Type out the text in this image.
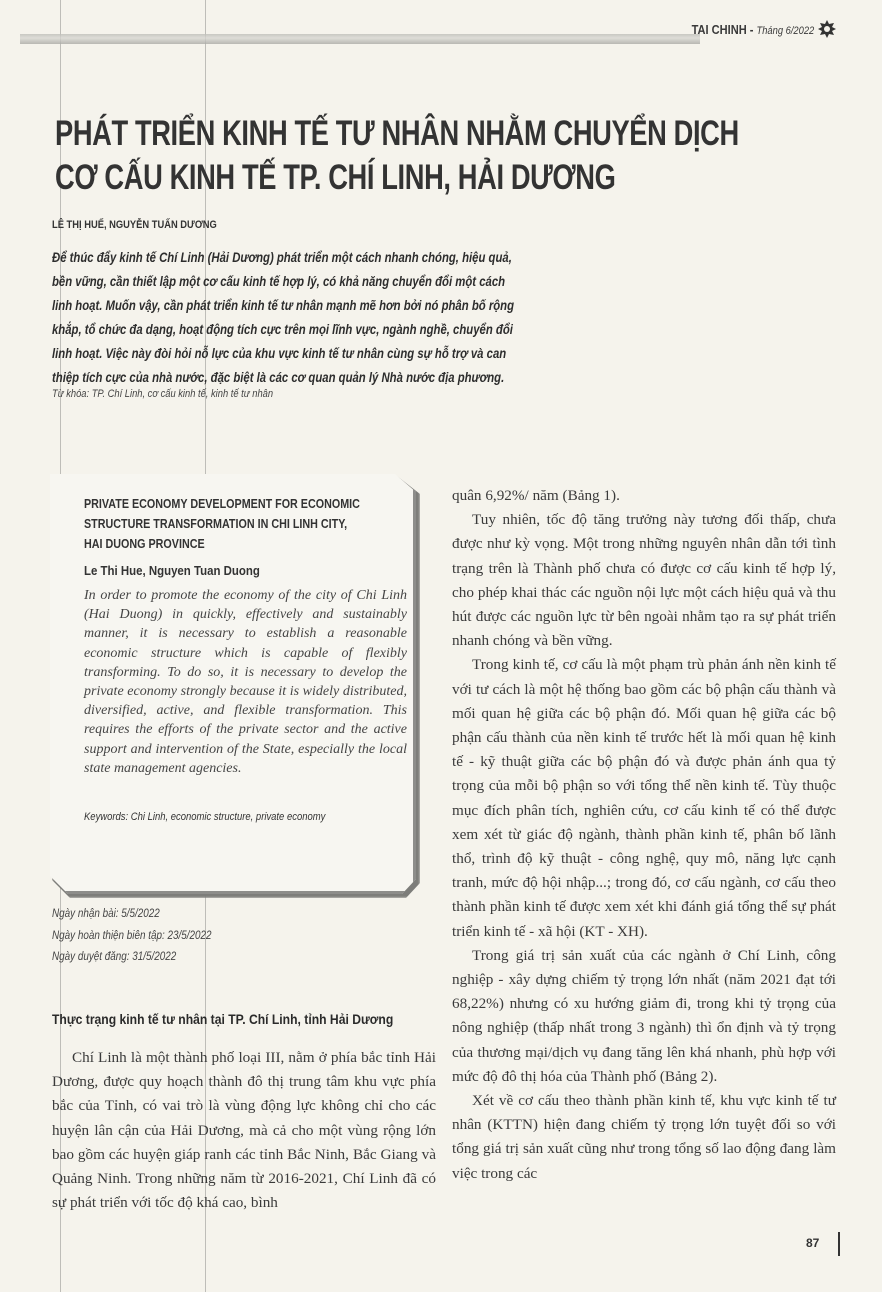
TAI CHINH - Tháng 6/2022
PHÁT TRIỂN KINH TẾ TƯ NHÂN NHẰM CHUYỂN DỊCH
CƠ CẤU KINH TẾ TP. CHÍ LINH, HẢI DƯƠNG
LÊ THỊ HUẾ, NGUYỄN TUẤN DƯƠNG
Để thúc đẩy kinh tế Chí Linh (Hải Dương) phát triển một cách nhanh chóng, hiệu quả, bền vững, cần thiết lập một cơ cấu kinh tế hợp lý, có khả năng chuyển đổi một cách linh hoạt. Muốn vậy, cần phát triển kinh tế tư nhân mạnh mẽ hơn bởi nó phân bố rộng khắp, tổ chức đa dạng, hoạt động tích cực trên mọi lĩnh vực, ngành nghề, chuyển đổi linh hoạt. Việc này đòi hỏi nỗ lực của khu vực kinh tế tư nhân cùng sự hỗ trợ và can thiệp tích cực của nhà nước, đặc biệt là các cơ quan quản lý Nhà nước địa phương.
Từ khóa: TP. Chí Linh, cơ cấu kinh tế, kinh tế tư nhân
PRIVATE ECONOMY DEVELOPMENT FOR ECONOMIC
STRUCTURE TRANSFORMATION IN CHI LINH CITY,
HAI DUONG PROVINCE
Le Thi Hue, Nguyen Tuan Duong
In order to promote the economy of the city of Chi Linh (Hai Duong) in quickly, effectively and sustainably manner, it is necessary to establish a reasonable economic structure which is capable of flexibly transforming. To do so, it is necessary to develop the private economy strongly because it is widely distributed, diversified, active, and flexible transformation. This requires the efforts of the private sector and the active support and intervention of the State, especially the local state management agencies.
Keywords: Chi Linh, economic structure, private economy
Ngày nhận bài: 5/5/2022
Ngày hoàn thiện biên tập: 23/5/2022
Ngày duyệt đăng: 31/5/2022
Thực trạng kinh tế tư nhân tại TP. Chí Linh, tỉnh Hải Dương

Chí Linh là một thành phố loại III, nằm ở phía bắc tỉnh Hải Dương, được quy hoạch thành đô thị trung tâm khu vực phía bắc của Tỉnh, có vai trò là vùng động lực không chỉ cho các huyện lân cận của Hải Dương, mà cả cho một vùng rộng lớn bao gồm các huyện giáp ranh các tỉnh Bắc Ninh, Bắc Giang và Quảng Ninh. Trong những năm từ 2016-2021, Chí Linh đã có sự phát triển với tốc độ khá cao, bình

quân 6,92%/ năm (Bảng 1).

Tuy nhiên, tốc độ tăng trưởng này tương đối thấp, chưa được như kỳ vọng. Một trong những nguyên nhân dẫn tới tình trạng trên là Thành phố chưa có được cơ cấu kinh tế hợp lý, cho phép khai thác các nguồn nội lực một cách hiệu quả và thu hút được các nguồn lực từ bên ngoài nhằm tạo ra sự phát triển nhanh chóng và bền vững.

Trong kinh tế, cơ cấu là một phạm trù phản ánh nền kinh tế với tư cách là một hệ thống bao gồm các bộ phận cấu thành và mối quan hệ giữa các bộ phận đó. Mối quan hệ giữa các bộ phận cấu thành của nền kinh tế trước hết là mối quan hệ kinh tế - kỹ thuật giữa các bộ phận đó và được phản ánh qua tỷ trọng của mỗi bộ phận so với tổng thể nền kinh tế. Tùy thuộc mục đích phân tích, nghiên cứu, cơ cấu kinh tế có thể được xem xét từ giác độ ngành, thành phần kinh tế, phân bố lãnh thổ, trình độ kỹ thuật - công nghệ, quy mô, năng lực cạnh tranh, mức độ hội nhập...; trong đó, cơ cấu ngành, cơ cấu theo thành phần kinh tế được xem xét khi đánh giá tổng thể sự phát triển kinh tế - xã hội (KT - XH).

Trong giá trị sản xuất của các ngành ở Chí Linh, công nghiệp - xây dựng chiếm tỷ trọng lớn nhất (năm 2021 đạt tới 68,22%) nhưng có xu hướng giảm đi, trong khi tỷ trọng của nông nghiệp (thấp nhất trong 3 ngành) thì ổn định và tỷ trọng của thương mại/dịch vụ đang tăng lên khá nhanh, phù hợp với mức độ đô thị hóa của Thành phố (Bảng 2).

Xét về cơ cấu theo thành phần kinh tế, khu vực kinh tế tư nhân (KTTN) hiện đang chiếm tỷ trọng lớn tuyệt đối so với tổng giá trị sản xuất cũng như trong tổng số lao động đang làm việc trong các

87
